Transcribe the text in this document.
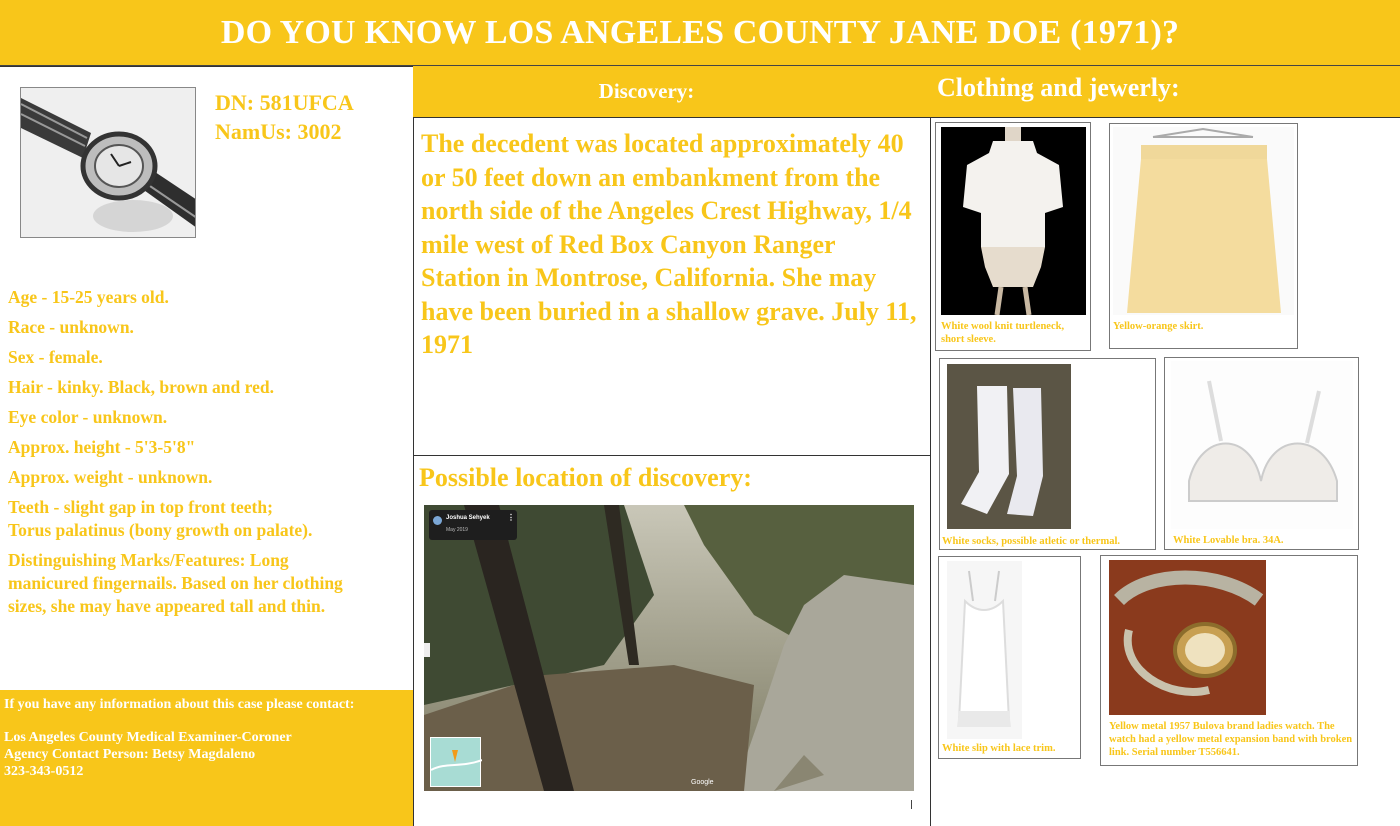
DO YOU KNOW LOS ANGELES COUNTY JANE DOE (1971)?
DN: 581UFCA
NamUs: 3002
Age - 15-25 years old.
Race - unknown.
Sex - female.
Hair - kinky. Black, brown and red.
Eye color - unknown.
Approx. height - 5'3-5'8"
Approx. weight - unknown.
Teeth - slight gap in top front teeth;
Torus palatinus (bony growth on palate).
Distinguishing Marks/Features: Long
manicured fingernails. Based on her clothing
sizes, she may have appeared tall and thin.
If you have any information about this case please contact:
Los Angeles County Medical Examiner-Coroner
Agency Contact Person: Betsy Magdaleno
323-343-0512
Discovery:
The decedent was located approximately 40 or 50 feet down an embankment from the north side of the Angeles Crest Highway, 1/4 mile west of Red Box Canyon Ranger Station in Montrose, California. She may have been buried in a shallow grave. July 11, 1971
Possible location of discovery:
Joshua Sehyek
May 2019
⋮
Google
Clothing and jewerly:
White wool knit turtleneck, short sleeve.
Yellow-orange skirt.
White socks, possible atletic or thermal.	White Lovable bra. 34A.
White slip with lace trim.
Yellow metal 1957 Bulova brand ladies watch. The watch had a yellow metal expansion band with broken link. Serial number T556641.
